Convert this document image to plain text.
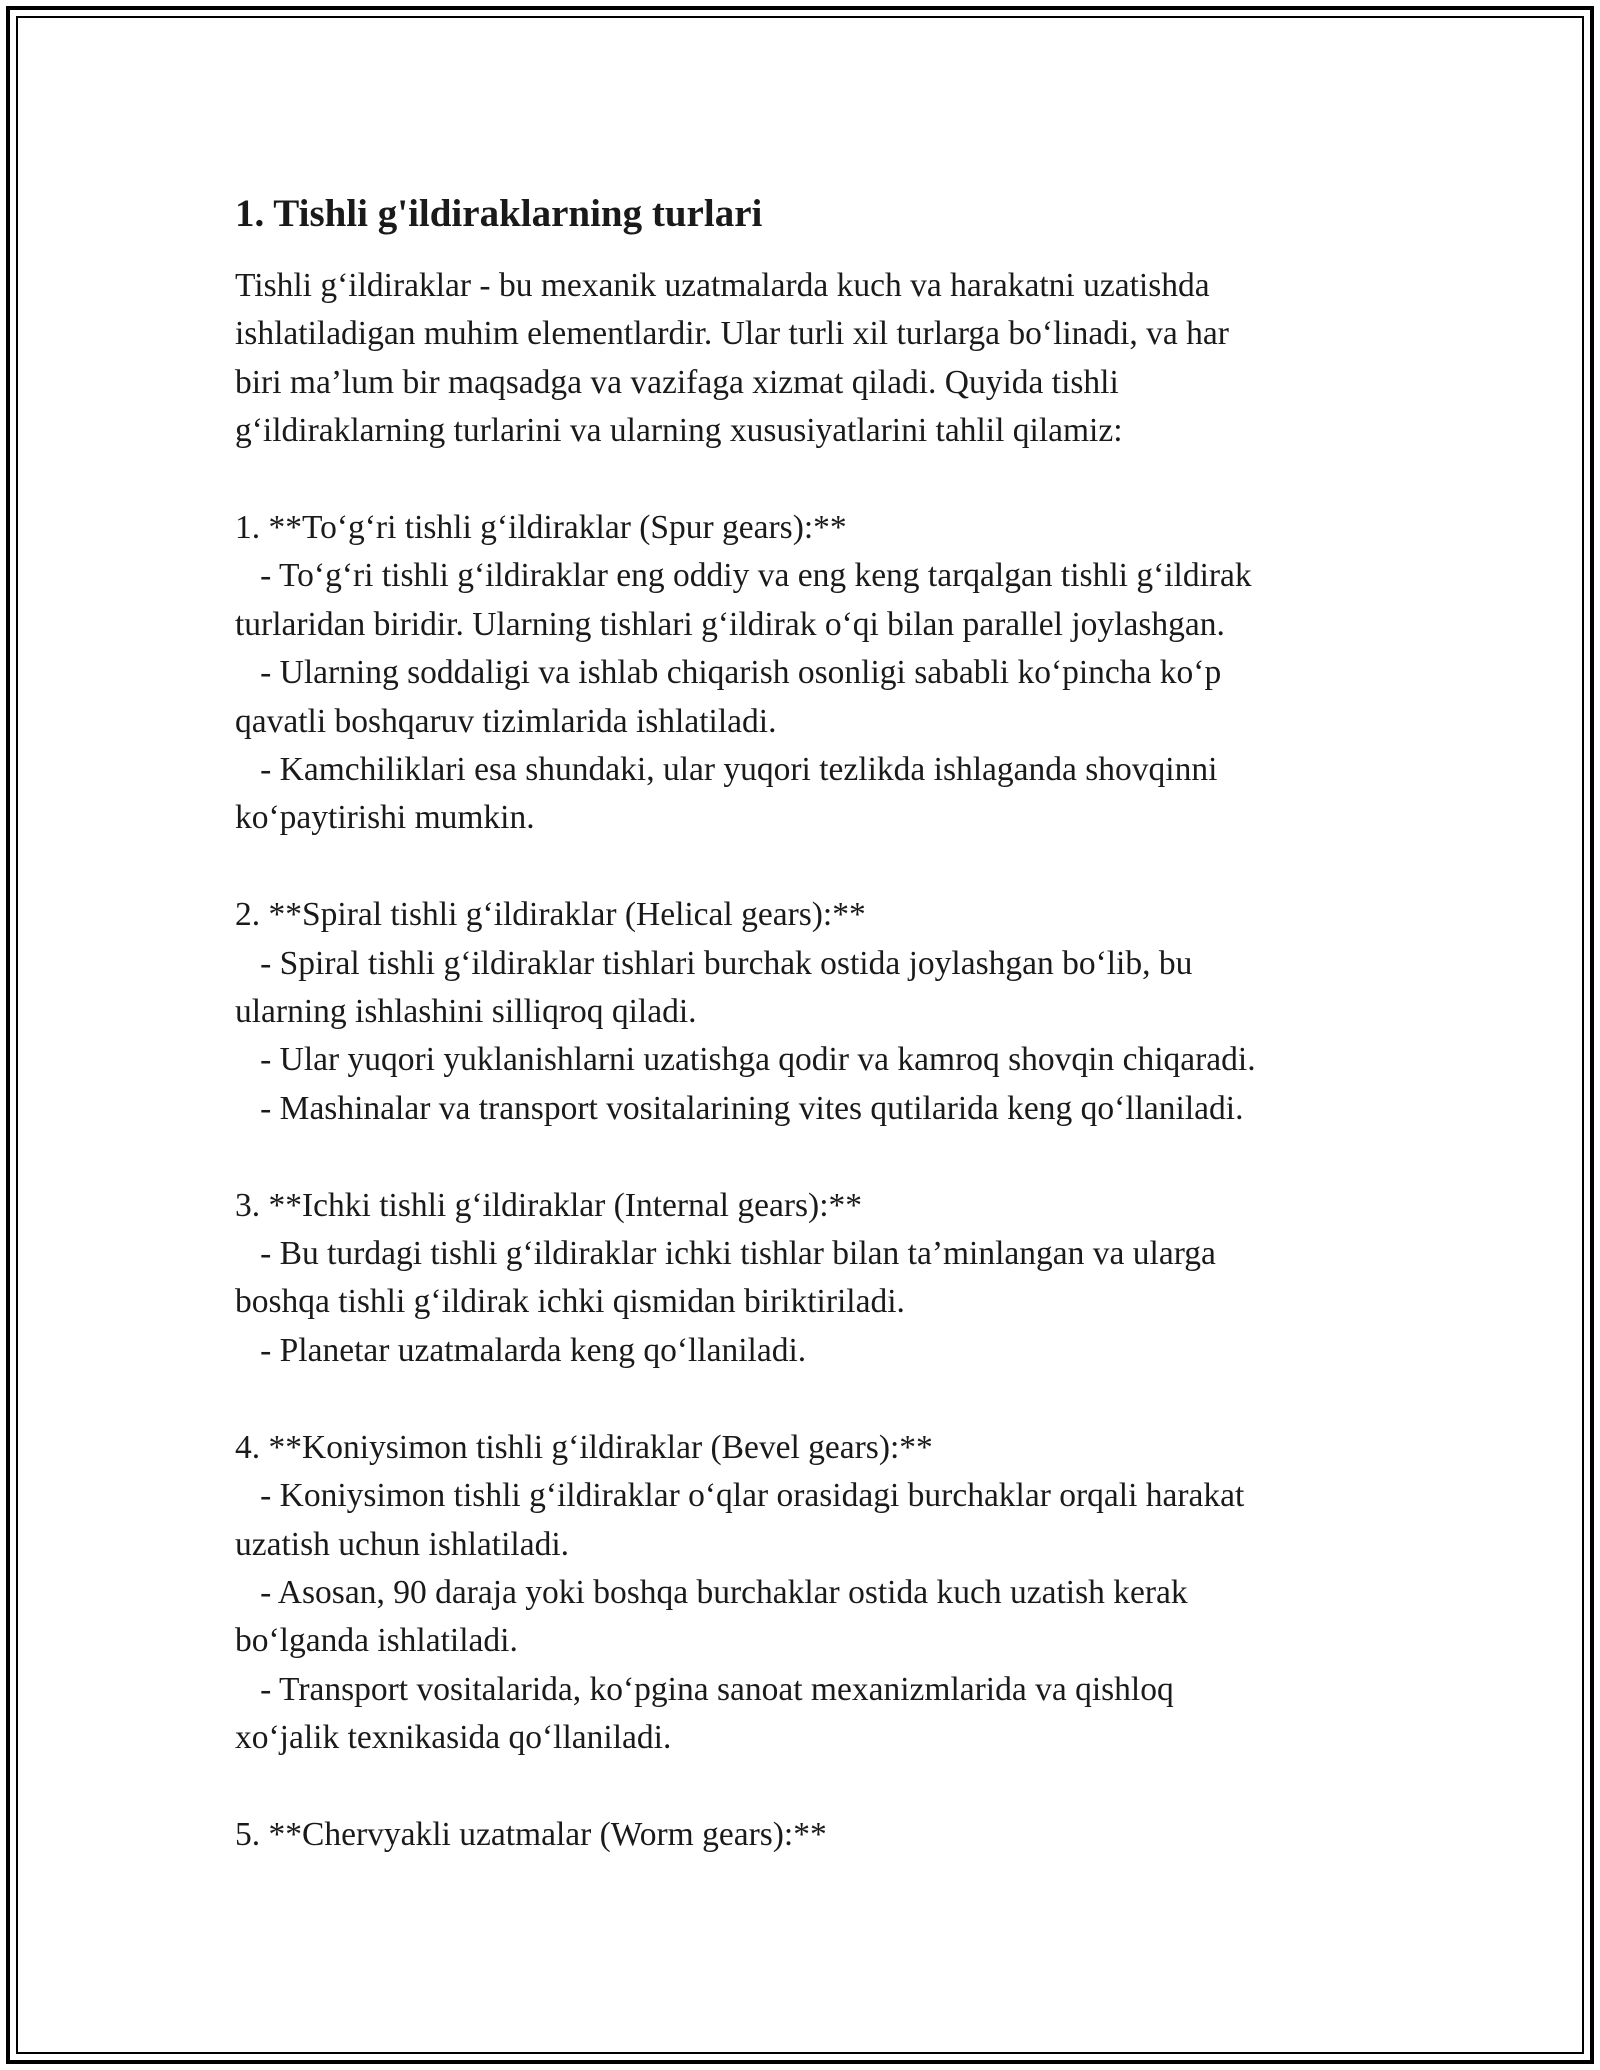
1. Tishli g'ildiraklarning turlari

Tishli g‘ildiraklar - bu mexanik uzatmalarda kuch va harakatni uzatishda

ishlatiladigan muhim elementlardir. Ular turli xil turlarga bo‘linadi, va har

biri ma’lum bir maqsadga va vazifaga xizmat qiladi. Quyida tishli

g‘ildiraklarning turlarini va ularning xususiyatlarini tahlil qilamiz:

1. **To‘g‘ri tishli g‘ildiraklar (Spur gears):**

- To‘g‘ri tishli g‘ildiraklar eng oddiy va eng keng tarqalgan tishli g‘ildirak

turlaridan biridir. Ularning tishlari g‘ildirak o‘qi bilan parallel joylashgan.

- Ularning soddaligi va ishlab chiqarish osonligi sababli ko‘pincha ko‘p

qavatli boshqaruv tizimlarida ishlatiladi.

- Kamchiliklari esa shundaki, ular yuqori tezlikda ishlaganda shovqinni

ko‘paytirishi mumkin.

2. **Spiral tishli g‘ildiraklar (Helical gears):**

- Spiral tishli g‘ildiraklar tishlari burchak ostida joylashgan bo‘lib, bu

ularning ishlashini silliqroq qiladi.

- Ular yuqori yuklanishlarni uzatishga qodir va kamroq shovqin chiqaradi.

- Mashinalar va transport vositalarining vites qutilarida keng qo‘llaniladi.

3. **Ichki tishli g‘ildiraklar (Internal gears):**

- Bu turdagi tishli g‘ildiraklar ichki tishlar bilan ta’minlangan va ularga

boshqa tishli g‘ildirak ichki qismidan biriktiriladi.

- Planetar uzatmalarda keng qo‘llaniladi.

4. **Koniysimon tishli g‘ildiraklar (Bevel gears):**

- Koniysimon tishli g‘ildiraklar o‘qlar orasidagi burchaklar orqali harakat

uzatish uchun ishlatiladi.

- Asosan, 90 daraja yoki boshqa burchaklar ostida kuch uzatish kerak

bo‘lganda ishlatiladi.

- Transport vositalarida, ko‘pgina sanoat mexanizmlarida va qishloq

xo‘jalik texnikasida qo‘llaniladi.

5. **Chervyakli uzatmalar (Worm gears):**
